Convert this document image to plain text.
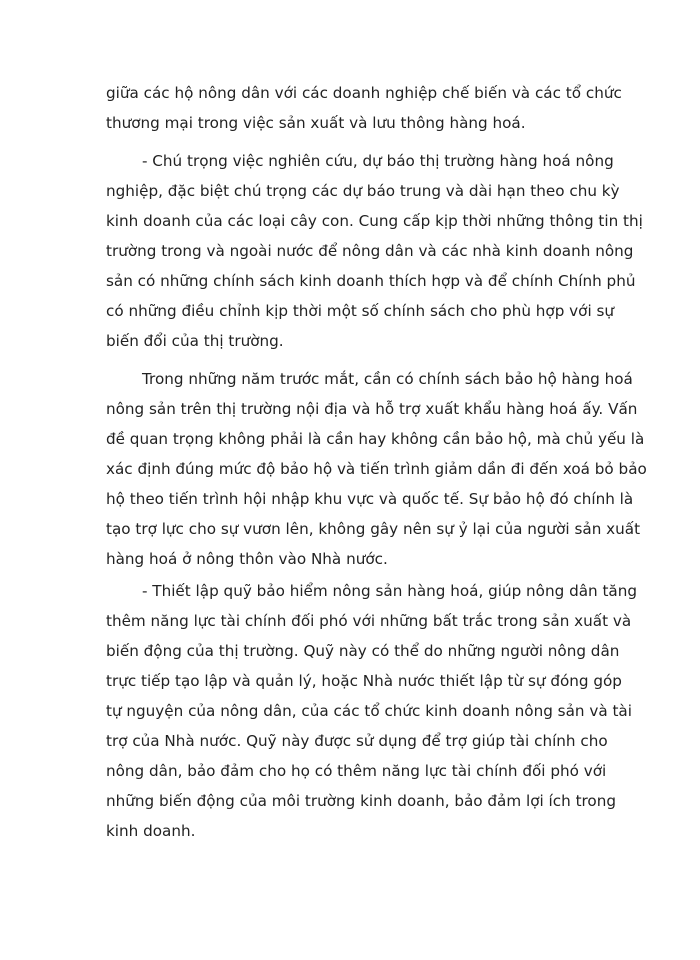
giữa các hộ nông dân với các doanh nghiệp chế biến và các tổ chức
thương mại trong việc sản xuất và lưu thông hàng hoá.

- Chú trọng việc nghiên cứu, dự báo thị trường hàng hoá nông
nghiệp, đặc biệt chú trọng các dự báo trung và dài hạn theo chu kỳ
kinh doanh của các loại cây con. Cung cấp kịp thời những thông tin thị
trường trong và ngoài nước để nông dân và các nhà kinh doanh nông
sản có những chính sách kinh doanh thích hợp và để chính Chính phủ
có những điều chỉnh kịp thời một số chính sách cho phù hợp với sự
biến đổi của thị trường.

Trong những năm trước mắt, cần có chính sách bảo hộ hàng hoá
nông sản trên thị trường nội địa và hỗ trợ xuất khẩu hàng hoá ấy. Vấn
đề quan trọng không phải là cần hay không cần bảo hộ, mà chủ yếu là
xác định đúng mức độ bảo hộ và tiến trình giảm dần đi đến xoá bỏ bảo
hộ theo tiến trình hội nhập khu vực và quốc tế. Sự bảo hộ đó chính là
tạo trợ lực cho sự vươn lên, không gây nên sự ỷ lại của người sản xuất
hàng hoá ở nông thôn vào Nhà nước.

- Thiết lập quỹ bảo hiểm nông sản hàng hoá, giúp nông dân tăng
thêm năng lực tài chính đối phó với những bất trắc trong sản xuất và
biến động của thị trường. Quỹ này có thể do những người nông dân
trực tiếp tạo lập và quản lý, hoặc Nhà nước thiết lập từ sự đóng góp
tự nguyện của nông dân, của các tổ chức kinh doanh nông sản và tài
trợ của Nhà nước. Quỹ này được sử dụng để trợ giúp tài chính cho
nông dân, bảo đảm cho họ có thêm năng lực tài chính đối phó với
những biến động của môi trường kinh doanh, bảo đảm lợi ích trong
kinh doanh.
